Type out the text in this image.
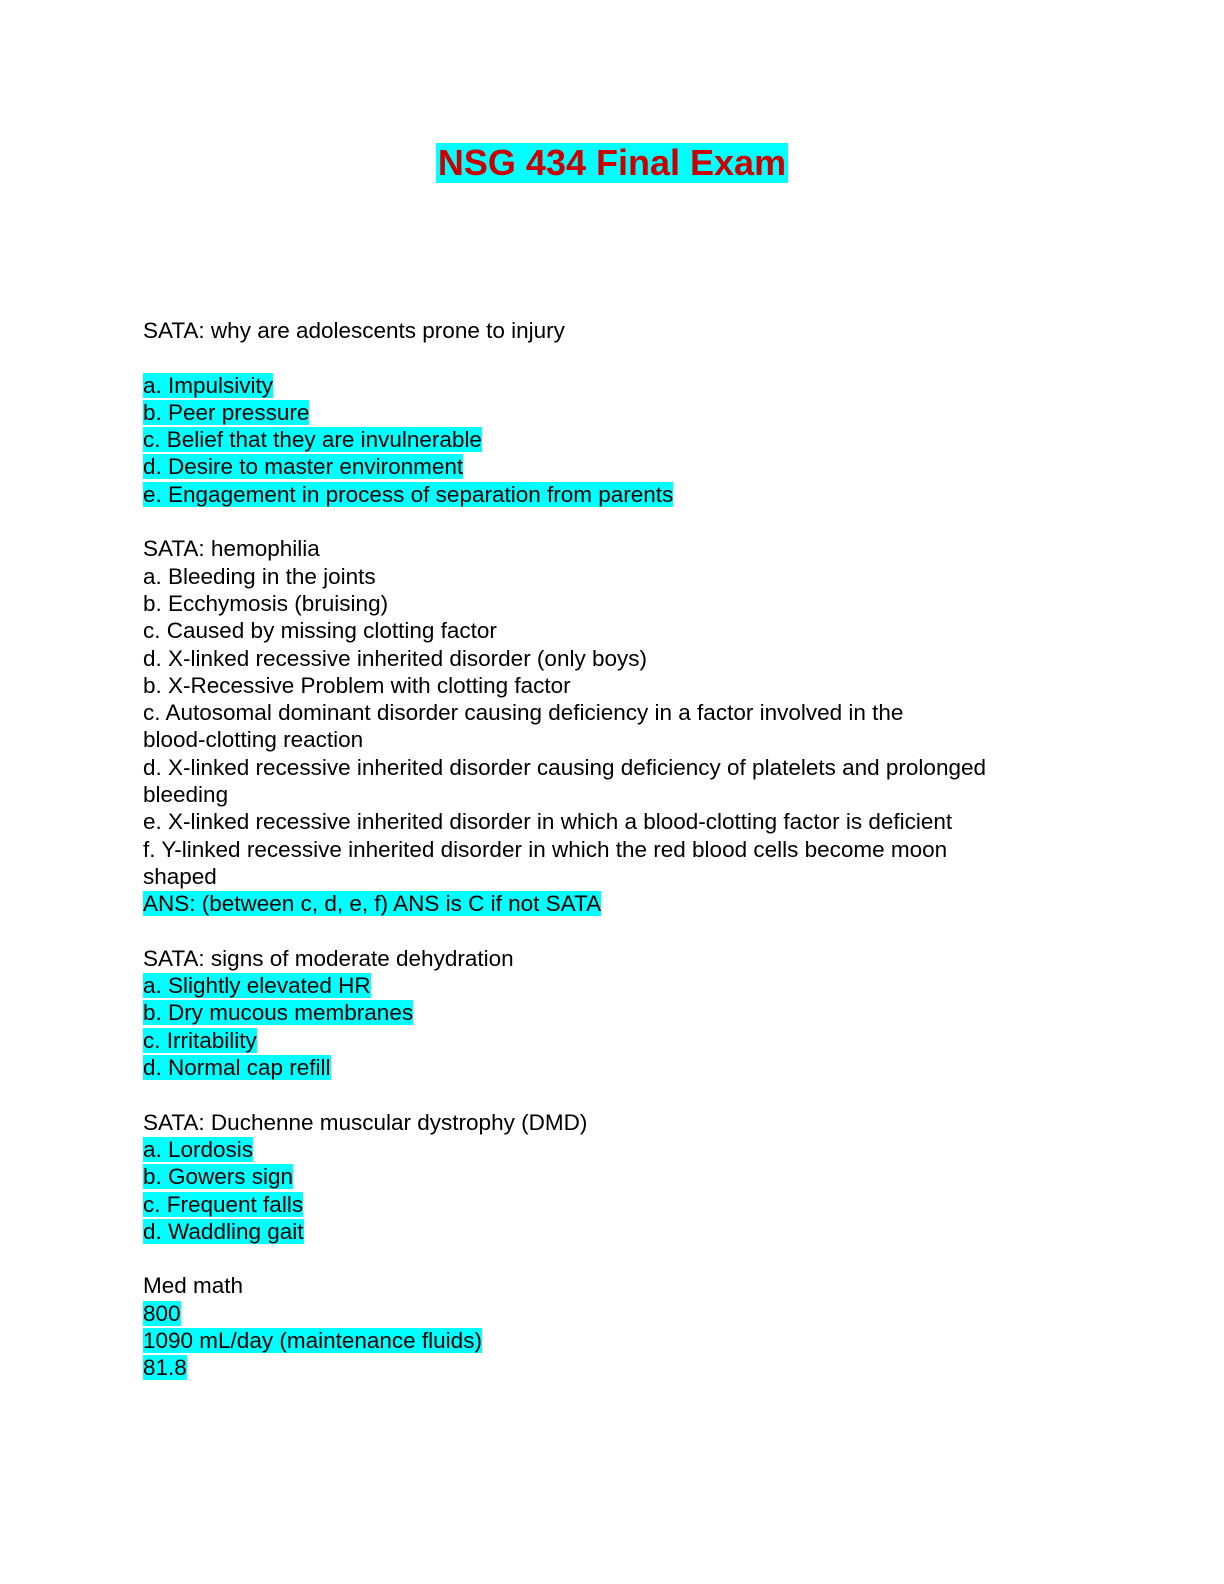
NSG 434 Final Exam
SATA: why are adolescents prone to injury
a. Impulsivity
b. Peer pressure
c. Belief that they are invulnerable
d. Desire to master environment
e. Engagement in process of separation from parents
SATA: hemophilia
a. Bleeding in the joints
b. Ecchymosis (bruising)
c. Caused by missing clotting factor
d. X-linked recessive inherited disorder (only boys)
b. X-Recessive Problem with clotting factor
c. Autosomal dominant disorder causing deficiency in a factor involved in the
blood-clotting reaction
d. X-linked recessive inherited disorder causing deficiency of platelets and prolonged
bleeding
e. X-linked recessive inherited disorder in which a blood-clotting factor is deficient
f. Y-linked recessive inherited disorder in which the red blood cells become moon
shaped
ANS: (between c, d, e, f) ANS is C if not SATA
SATA: signs of moderate dehydration
a. Slightly elevated HR
b. Dry mucous membranes
c. Irritability
d. Normal cap refill
SATA: Duchenne muscular dystrophy (DMD)
a. Lordosis
b. Gowers sign
c. Frequent falls
d. Waddling gait
Med math
800
1090 mL/day (maintenance fluids)
81.8
